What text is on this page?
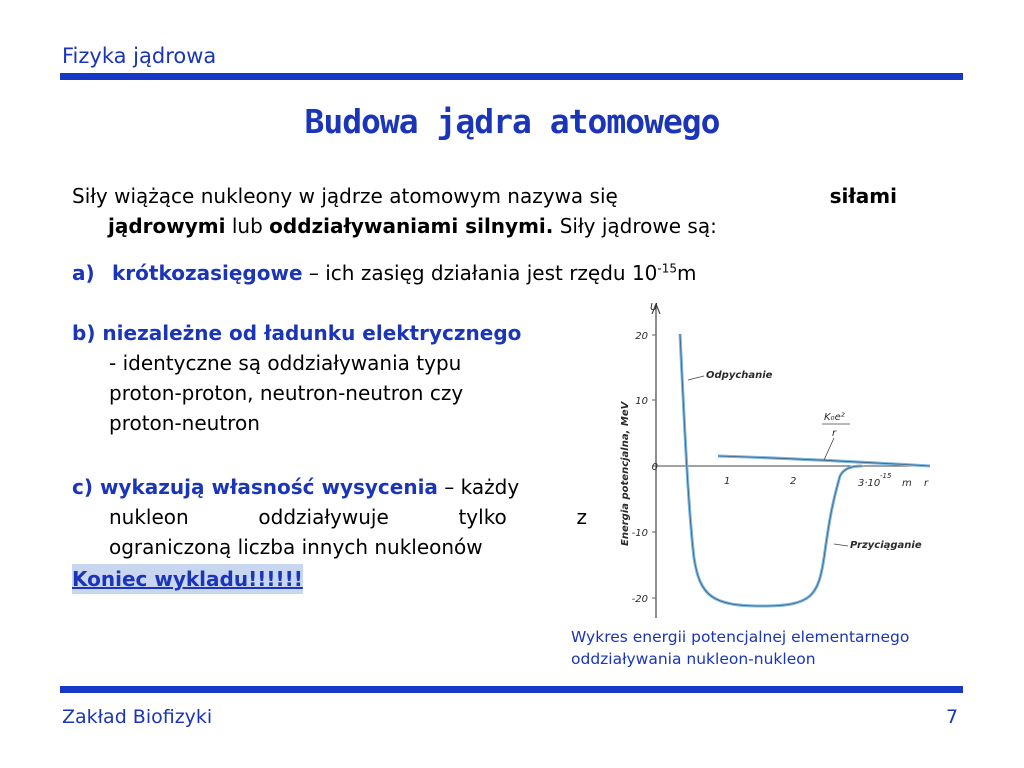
Fizyka jądrowa
Budowa jądra atomowego
Siły wiążące nukleony w jądrze atomowym nazywa się	siłami
jądrowymi lub oddziaływaniami silnymi. Siły jądrowe są:
a) krótkozasięgowe – ich zasięg działania jest rzędu $10^{-15}m$
b) niezależne od ładunku elektrycznego
- identyczne są oddziaływania typu
proton-proton, neutron-neutron czy
proton-neutron
c) wykazują własność wysycenia – każdy
nukleon	oddziaływuje	tylko	z
ograniczoną liczba innych nukleonów
Koniec wykladu!!!!!!
U
20
10
0
-10
-20
Energia potencjalna, MeV	1	2	3·10
-15
m r
Odpychanie
K₀e²
r
Przyciąganie
Wykres energii potencjalnej elementarnego
oddziaływania nukleon-nukleon
Zakład Biofizyki	7
